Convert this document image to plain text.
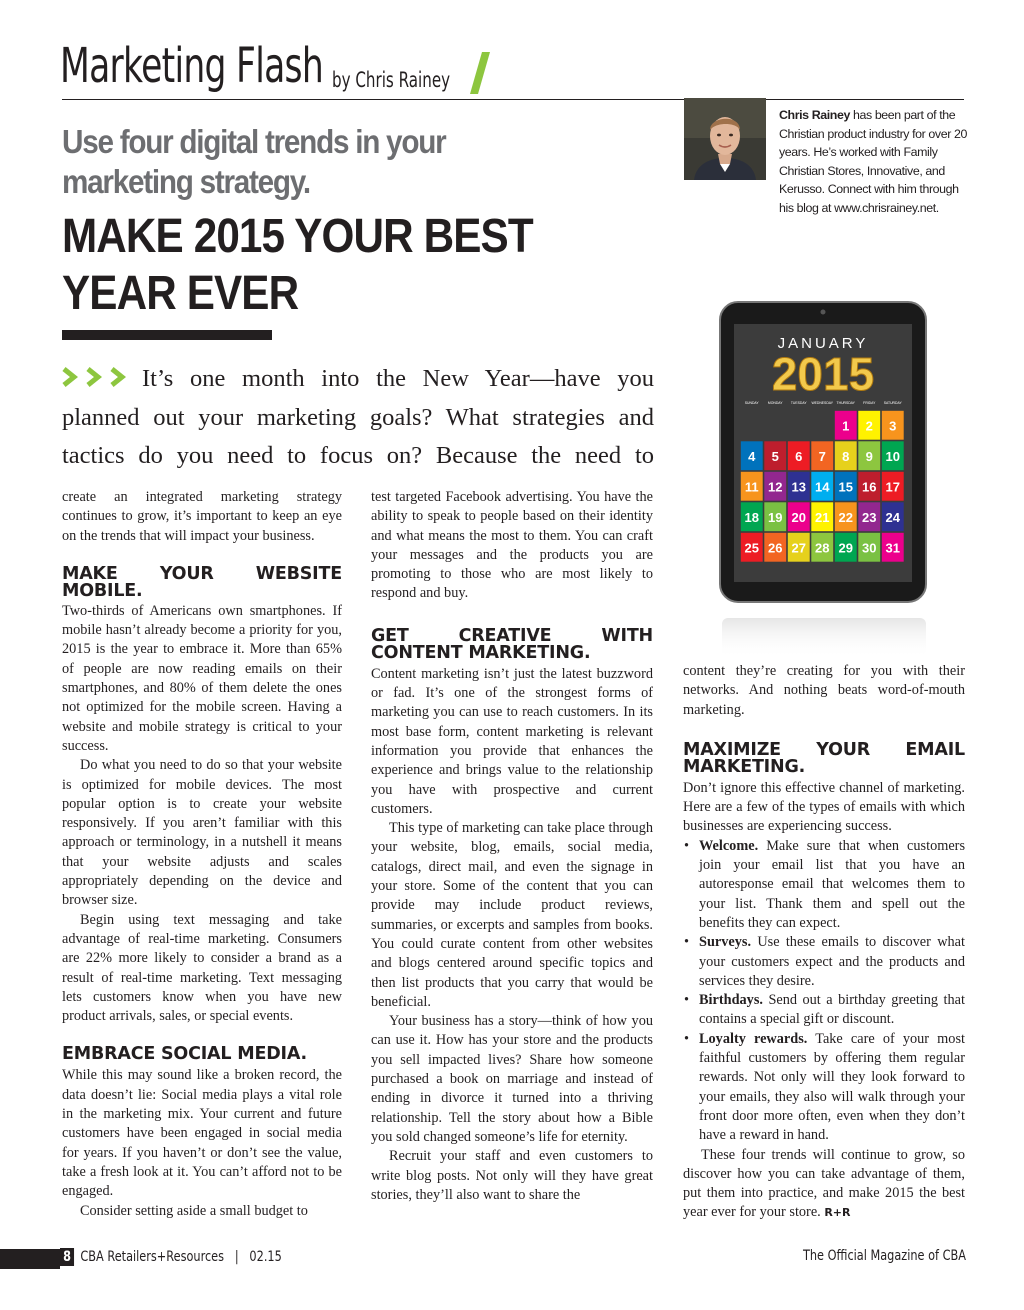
Marketing Flash by Chris Rainey
Use four digital trends in your marketing strategy.
MAKE 2015 YOUR BEST YEAR EVER
Chris Rainey has been part of the Christian product industry for over 20 years. He’s worked with Family Christian Stores, Innovative, and Kerusso. Connect with him through his blog at www.chrisrainey.net.
JANUARY
2015
SUNDAY	MONDAY TUESDAY WEDNESDAY THURSDAY FRIDAY SATURDAY
1 2 3
4 5 6 7 8 9 10
11 12 13 14 15 16 17
18 19 20 21 22 23 24
25 26 27 28 29 30 31
It’s one month into the New Year—have you planned out your marketing goals? What strategies and tactics do you need to focus on? Because the need to

create an integrated marketing strategy continues to grow, it’s important to keep an eye on the trends that will impact your business.

MAKE YOUR WEBSITE MOBILE.

Two-thirds of Americans own smartphones. If mobile hasn’t already become a priority for you, 2015 is the year to embrace it. More than 65% of people are now reading emails on their smartphones, and 80% of them delete the ones not optimized for the mobile screen. Having a website and mobile strategy is critical to your success.

Do what you need to do so that your website is optimized for mobile devices. The most popular option is to create your website responsively. If you aren’t familiar with this approach or terminology, in a nutshell it means that your website adjusts and scales appropriately depending on the device and browser size.

Begin using text messaging and take advantage of real-time marketing. Consumers are 22% more likely to consider a brand as a result of real-time marketing. Text messaging lets customers know when you have new product arrivals, sales, or special events.

EMBRACE SOCIAL MEDIA.

While this may sound like a broken record, the data doesn’t lie: Social media plays a vital role in the marketing mix. Your current and future customers have been engaged in social media for years. If you haven’t or don’t see the value, take a fresh look at it. You can’t afford not to be engaged.

Consider setting aside a small budget to

test targeted Facebook advertising. You have the ability to speak to people based on their identity and what means the most to them. You can craft your messages and the products you are promoting to those who are most likely to respond and buy.

GET CREATIVE WITH CONTENT MARKETING.

Content marketing isn’t just the latest buzzword or fad. It’s one of the strongest forms of marketing you can use to reach customers. In its most base form, content marketing is relevant information you provide that enhances the experience and brings value to the relationship you have with prospective and current customers.

This type of marketing can take place through your website, blog, emails, social media, catalogs, direct mail, and even the signage in your store. Some of the content that you can provide may include product reviews, summaries, or excerpts and samples from books. You could curate content from other websites and blogs centered around specific topics and then list products that you carry that would be beneficial.

Your business has a story—think of how you can use it. How has your store and the products you sell impacted lives? Share how someone purchased a book on marriage and instead of ending in divorce it turned into a thriving relationship. Tell the story about how a Bible you sold changed someone’s life for eternity.

Recruit your staff and even customers to write blog posts. Not only will they have great stories, they’ll also want to share the

content they’re creating for you with their networks. And nothing beats word-of-mouth marketing.

MAXIMIZE YOUR EMAIL MARKETING.

Don’t ignore this effective channel of marketing. Here are a few of the types of emails with which businesses are experiencing success.

• Welcome. Make sure that when customers join your email list that you have an autoresponse email that welcomes them to your list. Thank them and spell out the benefits they can expect.
• Surveys. Use these emails to discover what your customers expect and the products and services they desire.
• Birthdays. Send out a birthday greeting that contains a special gift or discount.
• Loyalty rewards. Take care of your most faithful customers by offering them regular rewards. Not only will they look forward to your emails, they also will walk through your front door more often, even when they don’t have a reward in hand.

These four trends will continue to grow, so discover how you can take advantage of them, put them into practice, and make 2015 the best year ever for your store. R+R

8 CBA Retailers+Resources | 02.15	The Official Magazine of CBA
